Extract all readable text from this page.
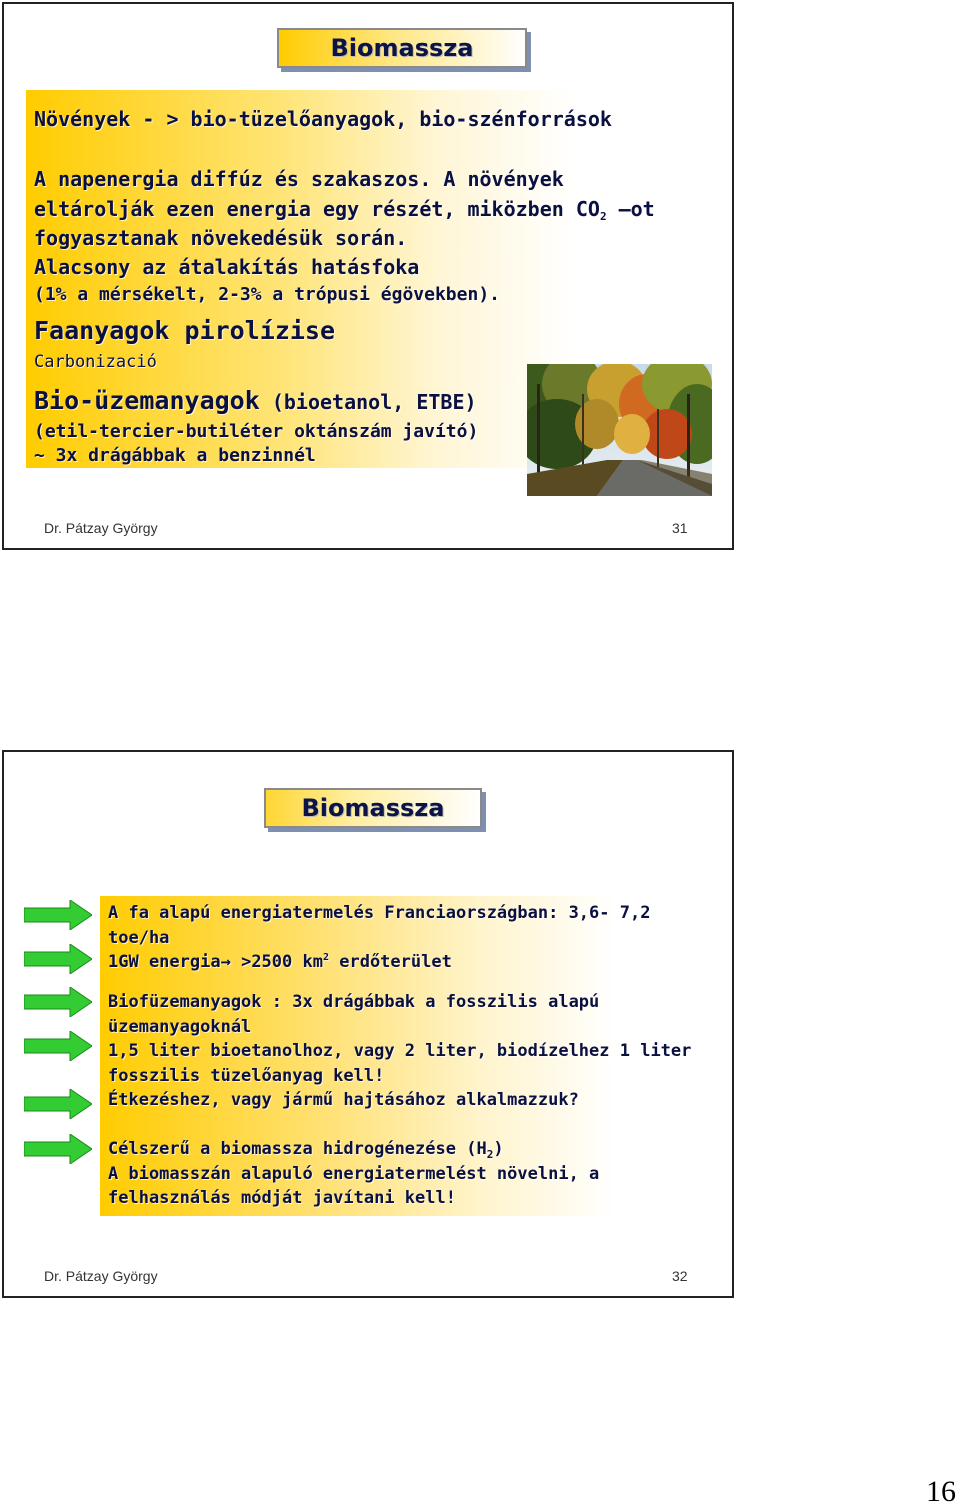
Biomassza
Növények - > bio-tüzelőanyagok, bio-szénforrások
A napenergia diffúz és szakaszos. A növények
eltárolják ezen energia egy részét, miközben $CO_2$ –ot
fogyasztanak növekedésük során.
Alacsony az átalakítás hatásfoka
(1% a mérsékelt, 2-3% a trópusi égövekben).
Faanyagok pirolízise
Carbonizació
Bio-üzemanyagok (bioetanol, ETBE)
(etil-tercier-butiléter oktánszám javító)
~ 3x drágábbak a benzinnél
Dr. Pátzay György	31
Biomassza
A fa alapú energiatermelés Franciaországban: 3,6- 7,2
toe/ha
1GW energia→ >2500 $km^2$ erdőterület
Biofüzemanyagok : 3x drágábbak a fosszilis alapú
üzemanyagoknál
1,5 liter bioetanolhoz, vagy 2 liter, biodízelhez 1 liter
fosszilis tüzelőanyag kell!
Étkezéshez, vagy jármű hajtásához alkalmazzuk?
Célszerű a biomassza hidrogénezése $(H_2)$
A biomasszán alapuló energiatermelést növelni, a
felhasználás módját javítani kell!
Dr. Pátzay György	32
16
